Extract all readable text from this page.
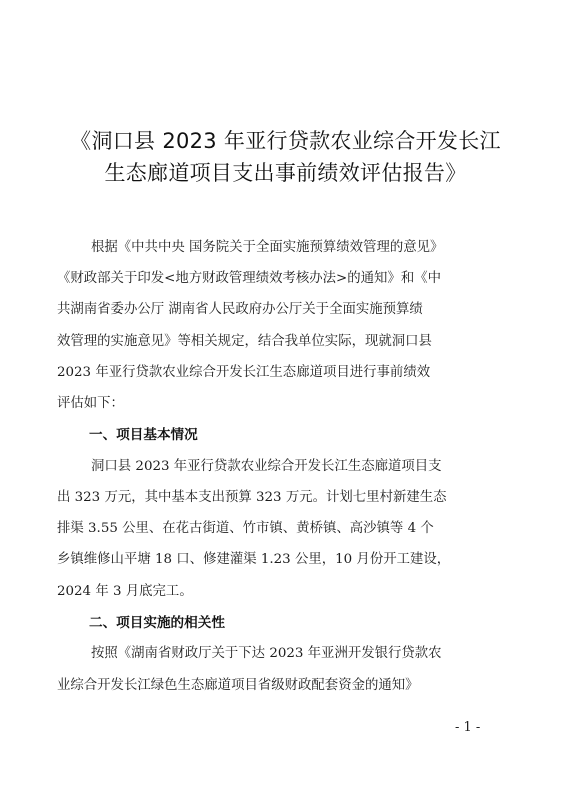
《洞口县 2023 年亚行贷款农业综合开发长江
生态廊道项目支出事前绩效评估报告》
根据《中共中央 国务院关于全面实施预算绩效管理的意见》
《财政部关于印发<地方财政管理绩效考核办法>的通知》和《中
共湖南省委办公厅 湖南省人民政府办公厅关于全面实施预算绩
效管理的实施意见》等相关规定，结合我单位实际，现就洞口县
2023 年亚行贷款农业综合开发长江生态廊道项目进行事前绩效
评估如下：
一、项目基本情况
洞口县 2023 年亚行贷款农业综合开发长江生态廊道项目支
出 323 万元，其中基本支出预算 323 万元。计划七里村新建生态
排渠 3.55 公里、在花古街道、竹市镇、黄桥镇、高沙镇等 4 个
乡镇维修山平塘 18 口、修建灌渠 1.23 公里，10 月份开工建设，
2024 年 3 月底完工。
二、项目实施的相关性
按照《湖南省财政厅关于下达 2023 年亚洲开发银行贷款农
业综合开发长江绿色生态廊道项目省级财政配套资金的通知》
- 1 -
